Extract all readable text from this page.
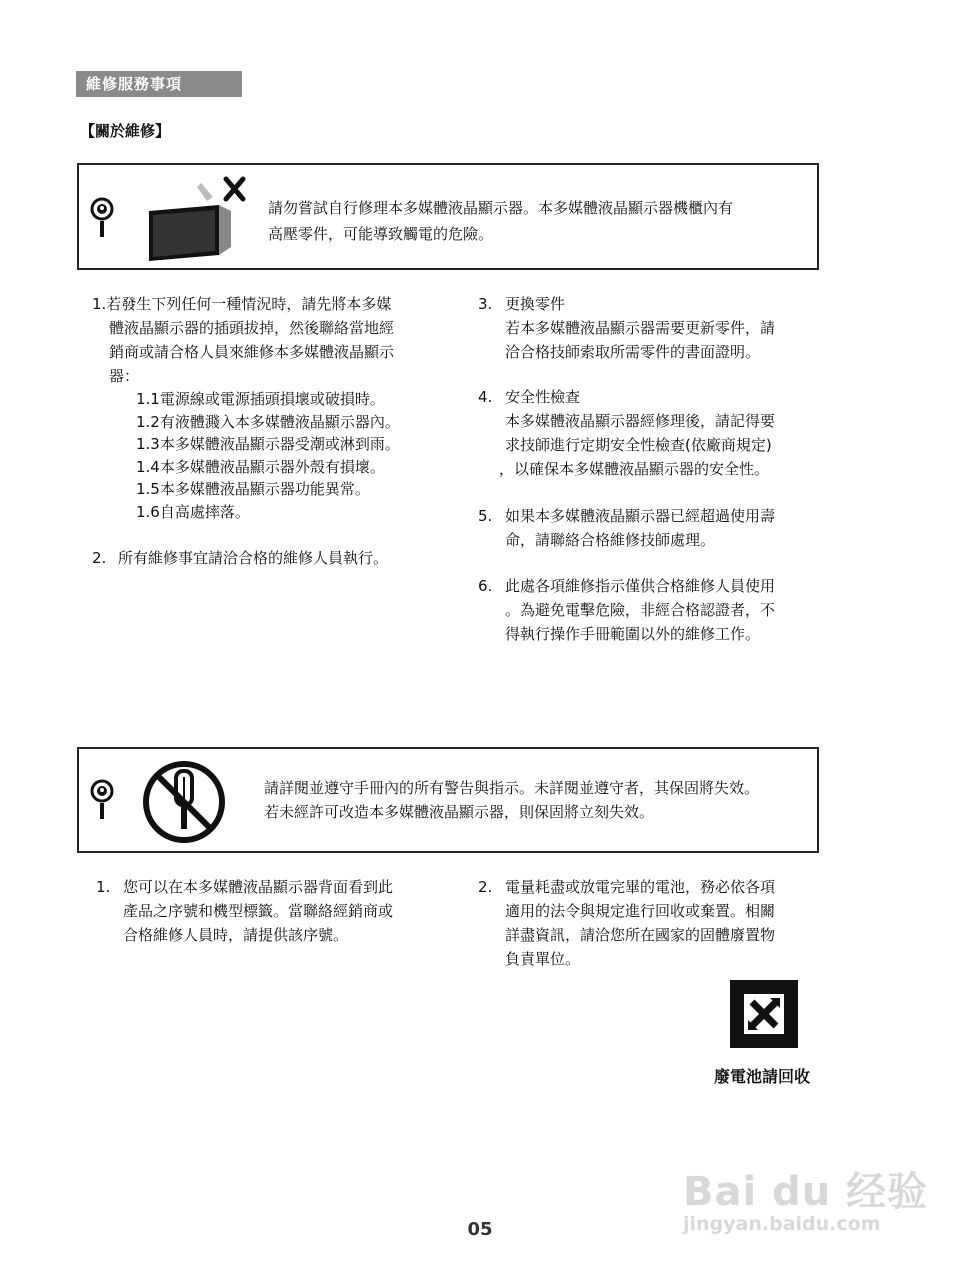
維修服務事項
【關於維修】
請勿嘗試自行修理本多媒體液晶顯示器。本多媒體液晶顯示器機櫃內有
高壓零件，可能導致觸電的危險。
1.若發生下列任何一種情況時，請先將本多媒
體液晶顯示器的插頭拔掉，然後聯絡當地經
銷商或請合格人員來維修本多媒體液晶顯示
器：
1.1電源線或電源插頭損壞或破損時。
1.2有液體濺入本多媒體液晶顯示器內。
1.3本多媒體液晶顯示器受潮或淋到雨。
1.4本多媒體液晶顯示器外殼有損壞。
1.5本多媒體液晶顯示器功能異常。
1.6自高處摔落。
2. 所有維修事宜請洽合格的維修人員執行。
3. 更換零件
若本多媒體液晶顯示器需要更新零件，請
洽合格技師索取所需零件的書面證明。
4. 安全性檢查
本多媒體液晶顯示器經修理後，請記得要
求技師進行定期安全性檢查(依廠商規定)
，以確保本多媒體液晶顯示器的安全性。
5. 如果本多媒體液晶顯示器已經超過使用壽
命，請聯絡合格維修技師處理。
6. 此處各項維修指示僅供合格維修人員使用
。為避免電擊危險，非經合格認證者，不
得執行操作手冊範圍以外的維修工作。
請詳閱並遵守手冊內的所有警告與指示。未詳閱並遵守者，其保固將失效。
若未經許可改造本多媒體液晶顯示器，則保固將立刻失效。
1. 您可以在本多媒體液晶顯示器背面看到此
產品之序號和機型標籤。當聯絡經銷商或
合格維修人員時，請提供該序號。
2. 電量耗盡或放電完畢的電池，務必依各項
適用的法令與規定進行回收或棄置。相關
詳盡資訊，請洽您所在國家的固體廢置物
負責單位。
廢電池請回收
05
Bai du 经验
jingyan.baidu.com
